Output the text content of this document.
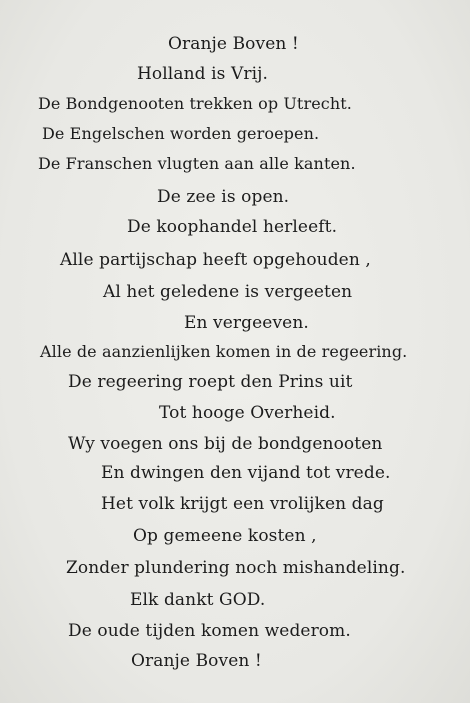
Oranje Boven !

Holland is Vrij.

De Bondgenooten trekken op Utrecht.

De Engelschen worden geroepen.

De Franschen vlugten aan alle kanten.

De zee is open.

De koophandel herleeft.

Alle partijschap heeft opgehouden ,

Al het geledene is vergeeten

En vergeeven.

Alle de aanzienlijken komen in de regeering.

De regeering roept den Prins uit

Tot hooge Overheid.

Wy voegen ons bij de bondgenooten

En dwingen den vijand tot vrede.

Het volk krijgt een vrolijken dag

Op gemeene kosten ,

Zonder plundering noch mishandeling.

Elk dankt GOD.

De oude tijden komen wederom.

Oranje Boven !
